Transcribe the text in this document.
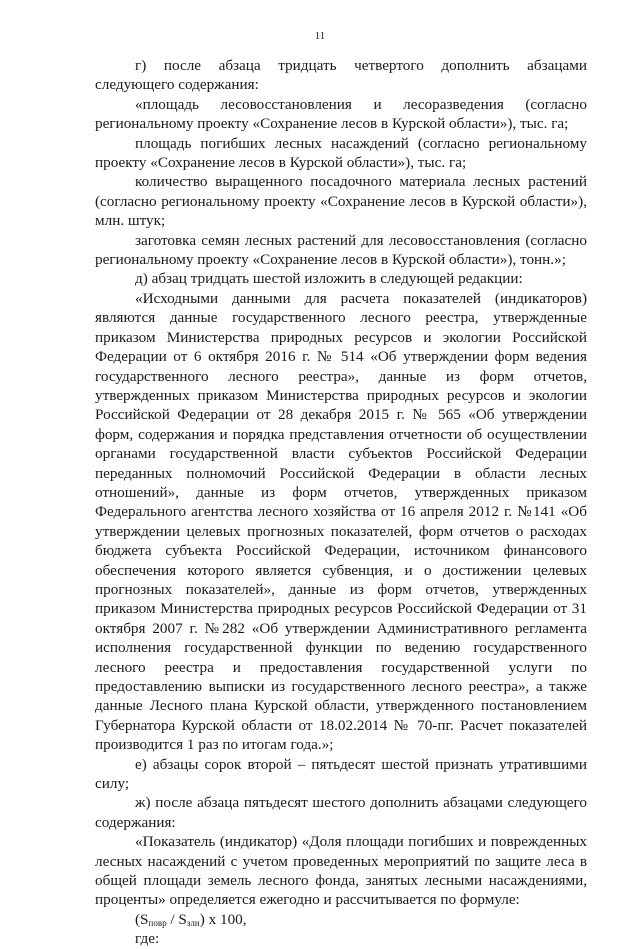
11

г) после абзаца тридцать четвертого дополнить абзацами следующего содержания:

«площадь лесовосстановления и лесоразведения (согласно региональному проекту «Сохранение лесов в Курской области»), тыс. га;

площадь погибших лесных насаждений (согласно региональному проекту «Сохранение лесов в Курской области»), тыс. га;

количество выращенного посадочного материала лесных растений (согласно региональному проекту «Сохранение лесов в Курской области»), млн. штук;

заготовка семян лесных растений для лесовосстановления (согласно региональному проекту «Сохранение лесов в Курской области»), тонн.»;

д) абзац тридцать шестой изложить в следующей редакции:

«Исходными данными для расчета показателей (индикаторов) являются данные государственного лесного реестра, утвержденные приказом Министерства природных ресурсов и экологии Российской Федерации от 6 октября 2016 г. № 514 «Об утверждении форм ведения государственного лесного реестра», данные из форм отчетов, утвержденных приказом Министерства природных ресурсов и экологии Российской Федерации от 28 декабря 2015 г. № 565 «Об утверждении форм, содержания и порядка представления отчетности об осуществлении органами государственной власти субъектов Российской Федерации переданных полномочий Российской Федерации в области лесных отношений», данные из форм отчетов, утвержденных приказом Федерального агентства лесного хозяйства от 16 апреля 2012 г. №141 «Об утверждении целевых прогнозных показателей, форм отчетов о расходах бюджета субъекта Российской Федерации, источником финансового обеспечения которого является субвенция, и о достижении целевых прогнозных показателей», данные из форм отчетов, утвержденных приказом Министерства природных ресурсов Российской Федерации от 31 октября 2007 г. №282 «Об утверждении Административного регламента исполнения государственной функции по ведению государственного лесного реестра и предоставления государственной услуги по предоставлению выписки из государственного лесного реестра», а также данные Лесного плана Курской области, утвержденного постановлением Губернатора Курской области от 18.02.2014 № 70-пг. Расчет показателей производится 1 раз по итогам года.»;

е) абзацы сорок второй – пятьдесят шестой признать утратившими силу;

ж) после абзаца пятьдесят шестого дополнить абзацами следующего содержания:

«Показатель (индикатор) «Доля площади погибших и поврежденных лесных насаждений с учетом проведенных мероприятий по защите леса в общей площади земель лесного фонда, занятых лесными насаждениями, проценты» определяется ежегодно и рассчитывается по формуле:

$(S_{повр} / S_{злн})$ x 100,

где:
